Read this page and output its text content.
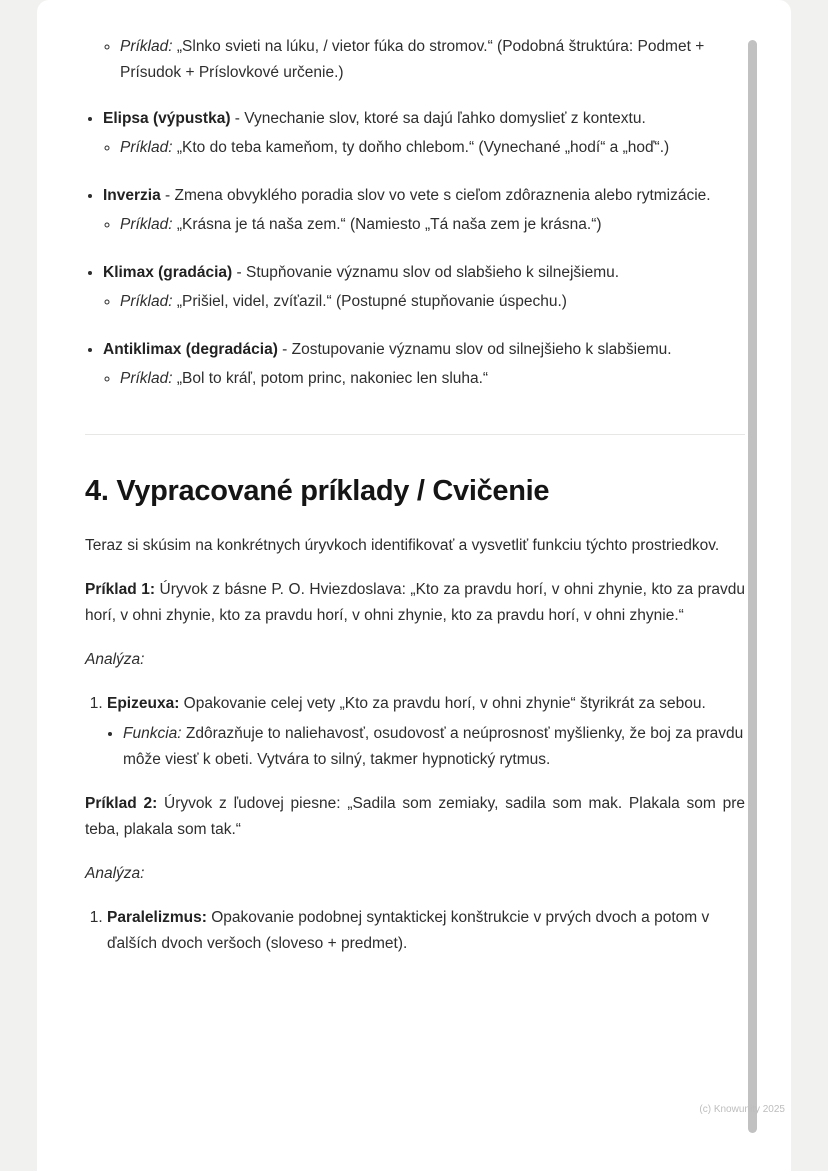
◦ Príklad: „Slnko svieti na lúku, / vietor fúka do stromov.“ (Podobná štruktúra: Podmet + Prísudok + Príslovkové určenie.)
• Elipsa (výpustka) - Vynechanie slov, ktoré sa dajú ľahko domyslieť z kontextu.
◦ Príklad: „Kto do teba kameňom, ty doňho chlebom.“ (Vynechané „hodí“ a „hoď“.)
• Inverzia - Zmena obvyklého poradia slov vo vete s cieľom zdôraznenia alebo rytmizácie.
◦ Príklad: „Krásna je tá naša zem.“ (Namiesto „Tá naša zem je krásna.“)
• Klimax (gradácia) - Stupňovanie významu slov od slabšieho k silnejšiemu.
◦ Príklad: „Prišiel, videl, zvíťazil.“ (Postupné stupňovanie úspechu.)
• Antiklimax (degradácia) - Zostupovanie významu slov od silnejšieho k slabšiemu.
◦ Príklad: „Bol to kráľ, potom princ, nakoniec len sluha.“
4. Vypracované príklady / Cvičenie

Teraz si skúsim na konkrétnych úryvkoch identifikovať a vysvetliť funkciu týchto prostriedkov.

Príklad 1: Úryvok z básne P. O. Hviezdoslava: „Kto za pravdu horí, v ohni zhynie, kto za pravdu horí, v ohni zhynie, kto za pravdu horí, v ohni zhynie, kto za pravdu horí, v ohni zhynie.“

Analýza:

1. Epizeuxa: Opakovanie celej vety „Kto za pravdu horí, v ohni zhynie“ štyrikrát za sebou.
• Funkcia: Zdôrazňuje to naliehavosť, osudovosť a neúprosnosť myšlienky, že boj za pravdu môže viesť k obeti. Vytvára to silný, takmer hypnotický rytmus.

Príklad 2: Úryvok z ľudovej piesne: „Sadila som zemiaky, sadila som mak. Plakala som pre teba, plakala som tak.“

Analýza:

1. Paralelizmus: Opakovanie podobnej syntaktickej konštrukcie v prvých dvoch a potom v ďalších dvoch veršoch (sloveso + predmet).
(c) Knowunity 2025
